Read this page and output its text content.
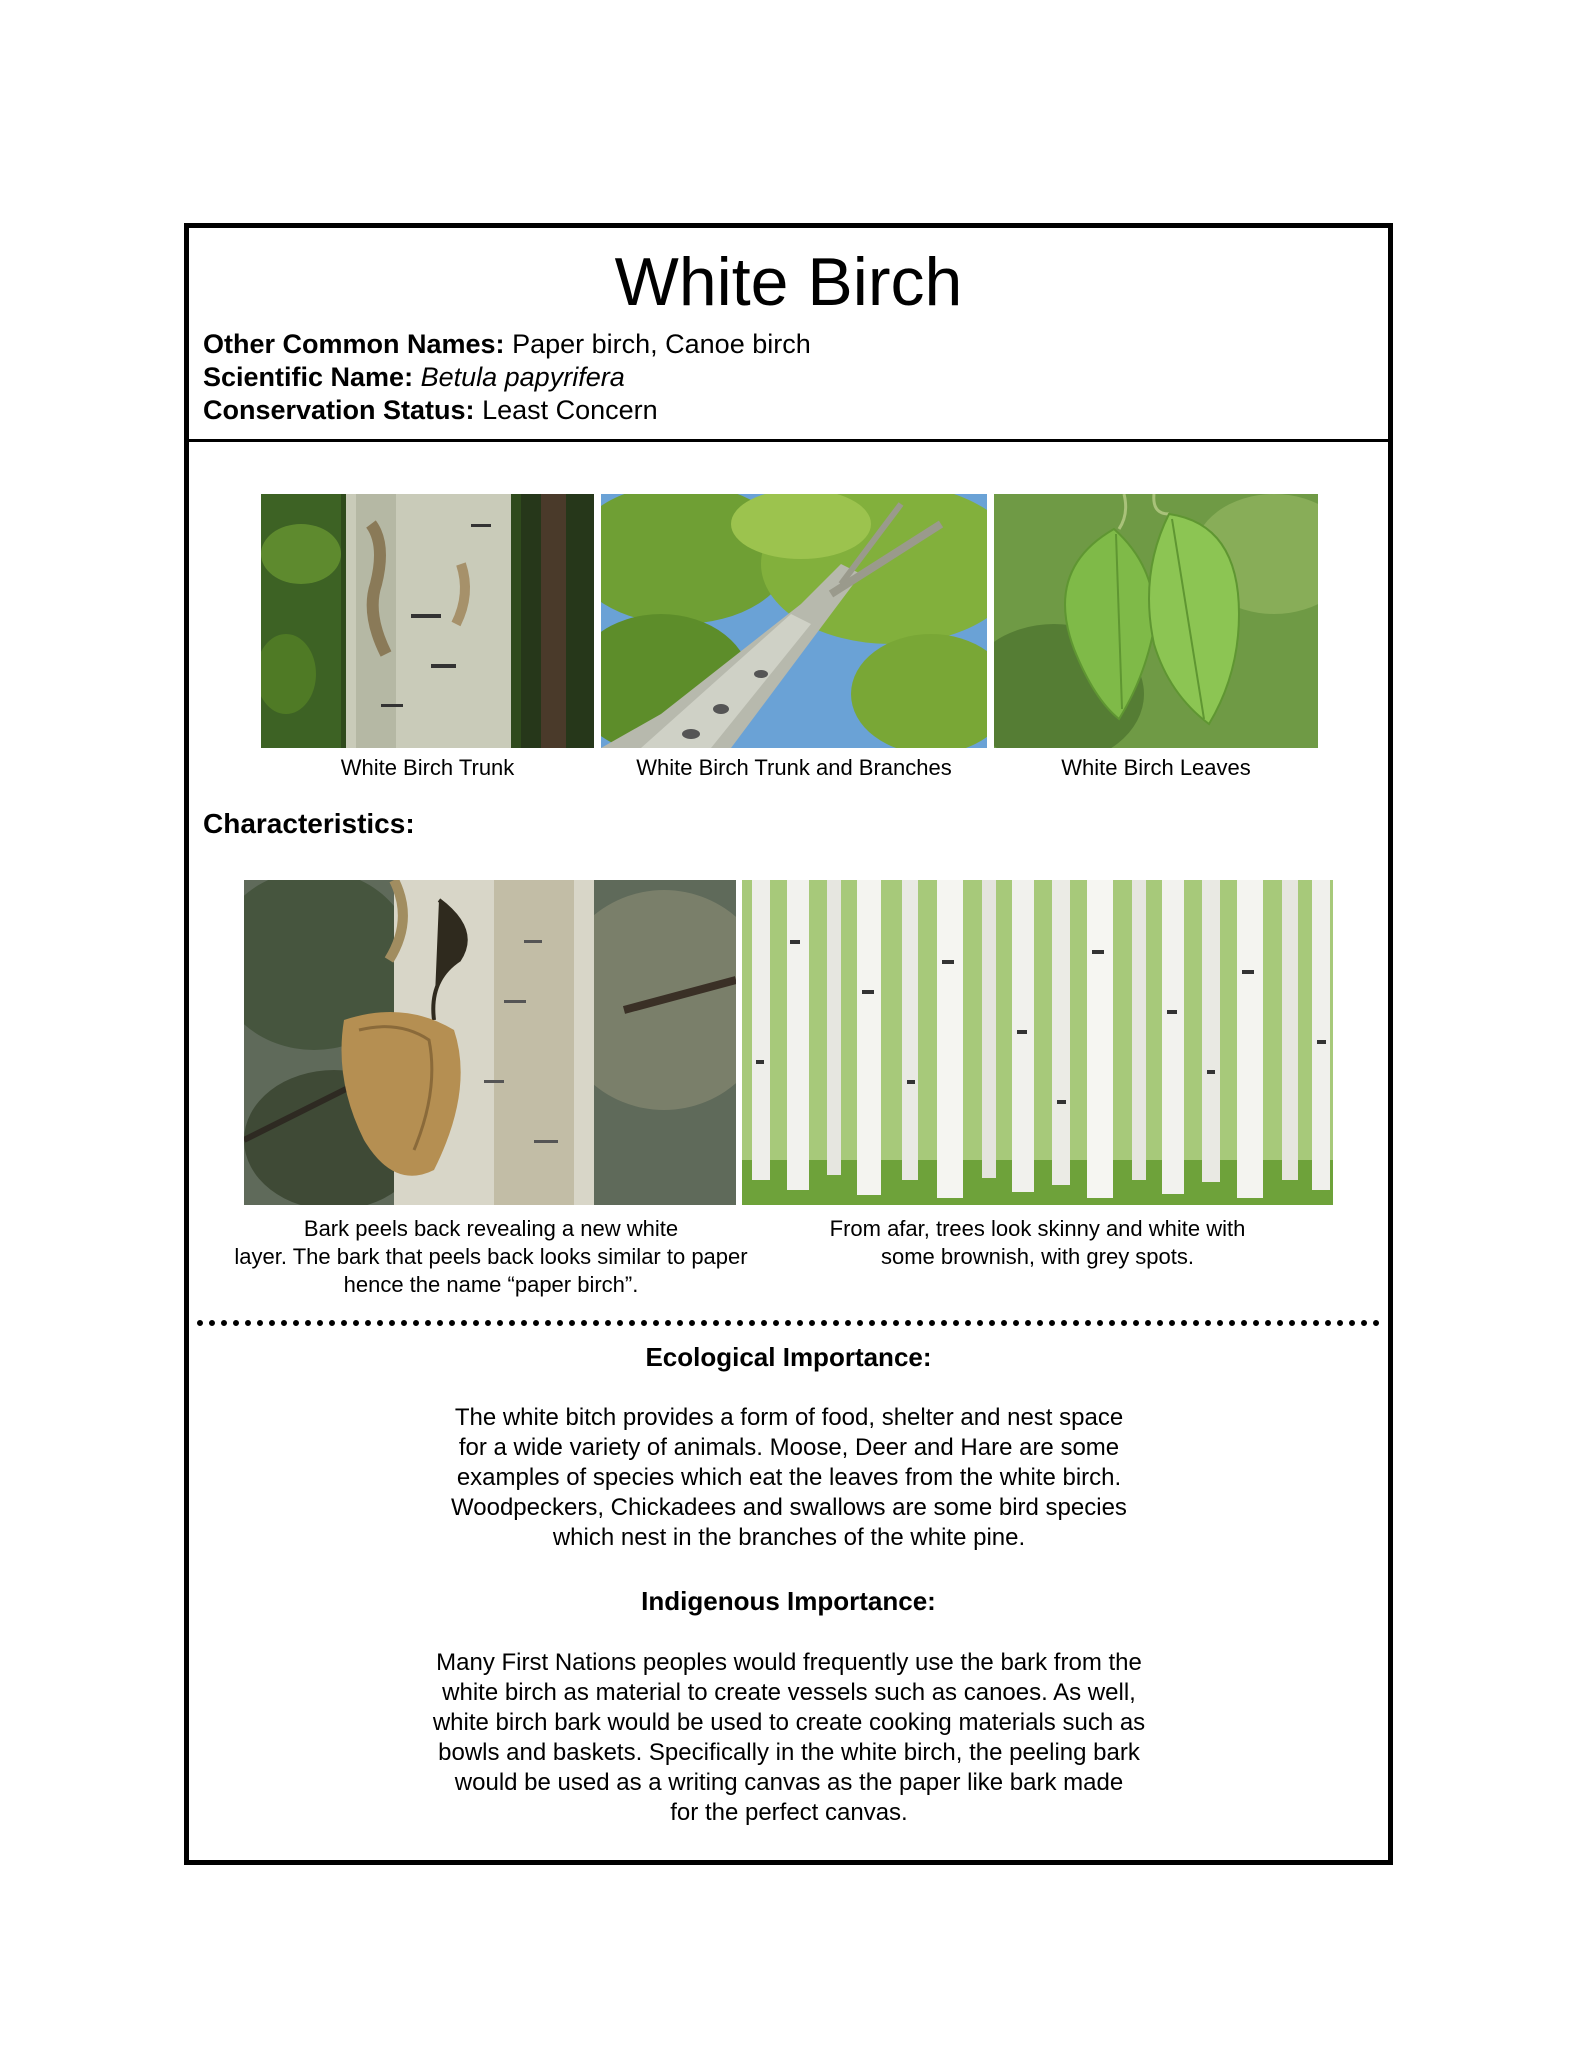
White Birch
Other Common Names: Paper birch, Canoe birch
Scientific Name: Betula papyrifera
Conservation Status: Least Concern
White Birch Trunk	White Birch Trunk and Branches	White Birch Leaves
Characteristics:
Bark peels back revealing a new white
layer. The bark that peels back looks similar to paper
hence the name “paper birch”.
From afar, trees look skinny and white with
some brownish, with grey spots.
Ecological Importance:
The white bitch provides a form of food, shelter and nest space
for a wide variety of animals. Moose, Deer and Hare are some
examples of species which eat the leaves from the white birch.
Woodpeckers, Chickadees and swallows are some bird species
which nest in the branches of the white pine.
Indigenous Importance:
Many First Nations peoples would frequently use the bark from the
white birch as material to create vessels such as canoes. As well,
white birch bark would be used to create cooking materials such as
bowls and baskets. Specifically in the white birch, the peeling bark
would be used as a writing canvas as the paper like bark made
for the perfect canvas.
